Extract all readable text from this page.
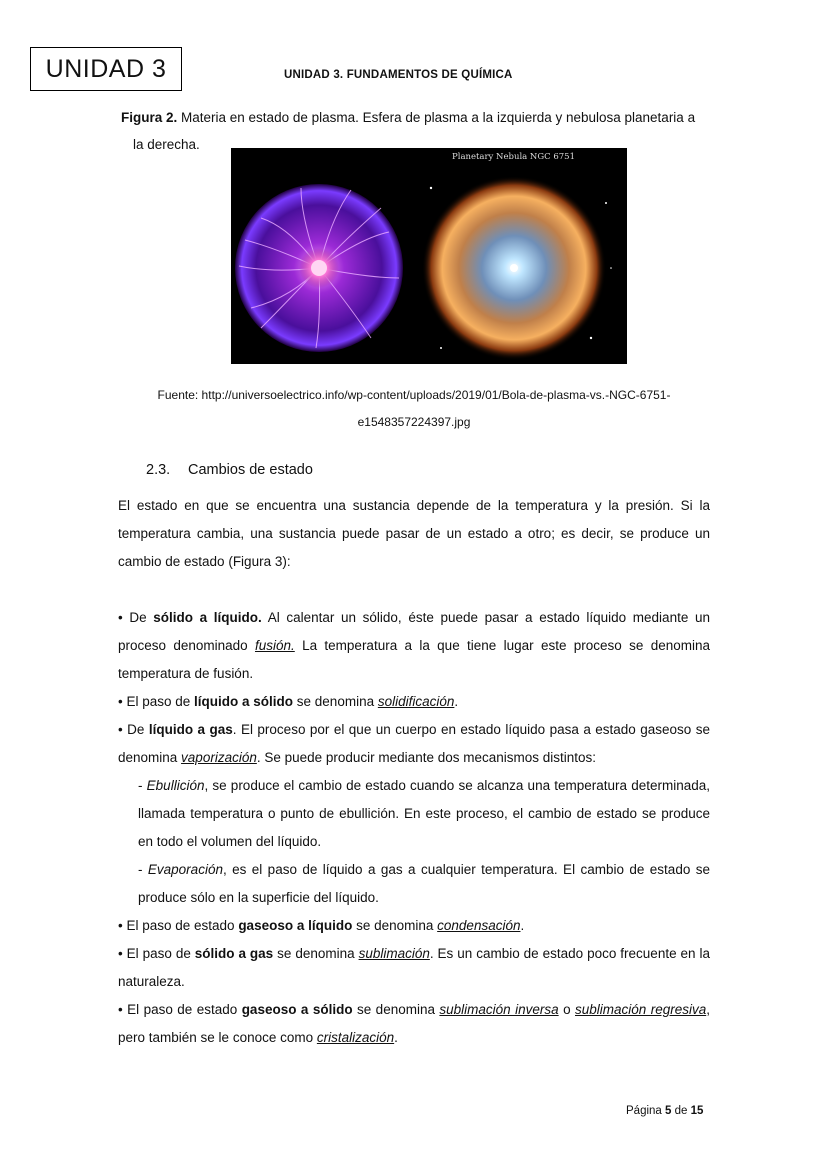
UNIDAD 3	UNIDAD 3. FUNDAMENTOS DE QUÍMICA
Figura 2. Materia en estado de plasma. Esfera de plasma a la izquierda y nebulosa planetaria a
la derecha.
Planetary Nebula NGC 6751
Fuente: http://universoelectrico.info/wp-content/uploads/2019/01/Bola-de-plasma-vs.-NGC-6751-
e1548357224397.jpg
2.3. Cambios de estado

El estado en que se encuentra una sustancia depende de la temperatura y la presión. Si la temperatura cambia, una sustancia puede pasar de un estado a otro; es decir, se produce un cambio de estado (Figura 3):

• De sólido a líquido. Al calentar un sólido, éste puede pasar a estado líquido mediante un proceso denominado fusión. La temperatura a la que tiene lugar este proceso se denomina temperatura de fusión.

• El paso de líquido a sólido se denomina solidificación.

• De líquido a gas. El proceso por el que un cuerpo en estado líquido pasa a estado gaseoso se denomina vaporización. Se puede producir mediante dos mecanismos distintos:

- Ebullición, se produce el cambio de estado cuando se alcanza una temperatura determinada, llamada temperatura o punto de ebullición. En este proceso, el cambio de estado se produce en todo el volumen del líquido.

- Evaporación, es el paso de líquido a gas a cualquier temperatura. El cambio de estado se produce sólo en la superficie del líquido.

• El paso de estado gaseoso a líquido se denomina condensación.

• El paso de sólido a gas se denomina sublimación. Es un cambio de estado poco frecuente en la naturaleza.

• El paso de estado gaseoso a sólido se denomina sublimación inversa o sublimación regresiva, pero también se le conoce como cristalización.

Página 5 de 15
